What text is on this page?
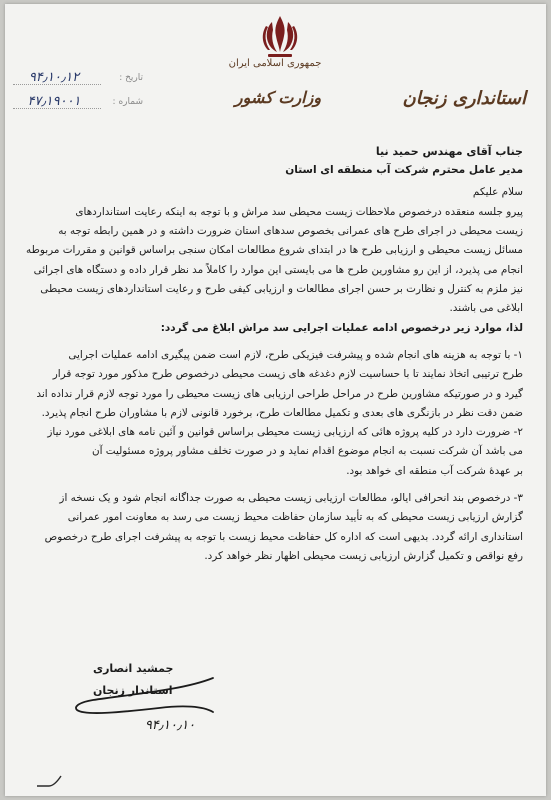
جمهوری اسلامی ایران
وزارت کشور	استانداری زنجان
تاریخ :
۹۴٫۱۰٫۱۲
شماره :
۴۷٫۱۹۰۰۱

جناب آقای مهندس حمید نیا

مدیر عامل محترم شرکت آب منطقه ای استان

سلام علیکم

پیرو جلسه منعقده درخصوص ملاحظات زیست محیطی سد مراش و با توجه به اینکه رعایت استانداردهای

زیست محیطی در اجرای طرح های عمرانی بخصوص سدهای استان ضرورت داشته و در همین رابطه توجه به

مسائل زیست محیطی و ارزیابی طرح ها در ابتدای شروع مطالعات امکان سنجی براساس قوانین و مقررات مربوطه

انجام می پذیرد، از این رو مشاورین طرح ها می بایستی این موارد را کاملاً مد نظر قرار داده و دستگاه های اجرائی

نیز ملزم به کنترل و نظارت بر حسن اجرای مطالعات و ارزیابی کیفی طرح و رعایت استانداردهای زیست محیطی

ابلاغی می باشند.

لذا، موارد زیر درخصوص ادامه عملیات اجرایی سد مراش ابلاغ می گردد:

۱- با توجه به هزینه های انجام شده و پیشرفت فیزیکی طرح، لازم است ضمن پیگیری ادامه عملیات اجرایی

طرح ترتیبی اتخاذ نمایند تا با حساسیت لازم دغدغه های زیست محیطی درخصوص طرح مذکور مورد توجه قرار

گیرد و در صورتیکه مشاورین طرح در مراحل طراحی ارزیابی های زیست محیطی را مورد توجه لازم قرار نداده اند

ضمن دقت نظر در بازنگری های بعدی و تکمیل مطالعات طرح، برخورد قانونی لازم با مشاوران طرح انجام پذیرد.

۲- ضرورت دارد در کلیه پروژه هائی که ارزیابی زیست محیطی براساس قوانین و آئین نامه های ابلاغی مورد نیاز

می باشد آن شرکت نسبت به انجام موضوع اقدام نماید و در صورت تخلف مشاور پروژه مسئولیت آن

بر عهدهٔ شرکت آب منطقه ای خواهد بود.

۳- درخصوص بند انحرافی ایالو، مطالعات ارزیابی زیست محیطی به صورت جداگانه انجام شود و یک نسخه از

گزارش ارزیابی زیست محیطی که به تأیید سازمان حفاظت محیط زیست می رسد به معاونت امور عمرانی

استانداری ارائه گردد. بدیهی است که اداره کل حفاظت محیط زیست با توجه به پیشرفت اجرای طرح درخصوص

رفع نواقص و تکمیل گزارش ارزیابی زیست محیطی اظهار نظر خواهد کرد.

جمشید انصاری
استاندار زنجان
۹۴٫۱۰٫۱۰
